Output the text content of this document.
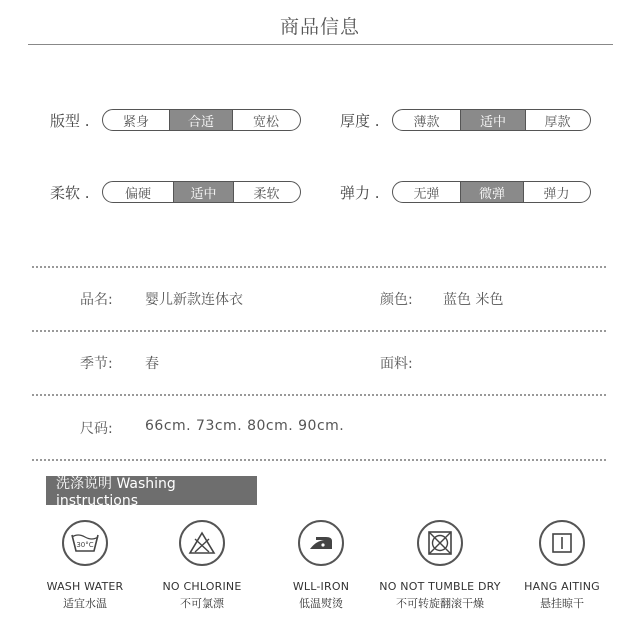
商品信息
版型 .	紧身	合适	宽松	厚度 .	薄款	适中	厚款
柔软 .	偏硬	适中	柔软	弹力 .	无弹	微弹	弹力
品名: 婴儿新款连体衣	颜色: 蓝色 米色
季节: 春	面料:
尺码: 66cm. 73cm. 80cm. 90cm.
洗涤说明 Washing instructions
30°C
WASH WATER
适宜水温
NO CHLORINE
不可氯漂
WLL-IRON
低温熨烫
NO NOT TUMBLE DRY
不可转旋翻滚干燥
HANG AITING
悬挂晾干
